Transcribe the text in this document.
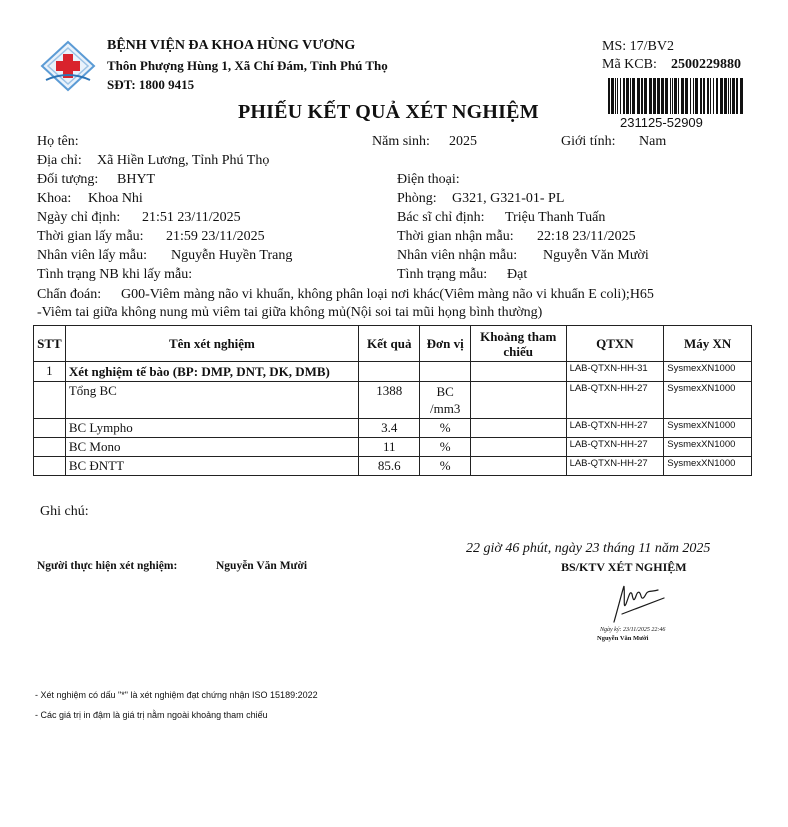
BỆNH VIỆN ĐA KHOA HÙNG VƯƠNG
Thôn Phượng Hùng 1, Xã Chí Đám, Tỉnh Phú Thọ
SĐT: 1800 9415
MS: 17/BV2
Mã KCB: 2500229880
231125-52909
PHIẾU KẾT QUẢ XÉT NGHIỆM
Họ tên:	Năm sinh: 2025	Giới tính: Nam
Địa chỉ: Xã Hiền Lương, Tỉnh Phú Thọ
Đối tượng: BHYT	Điện thoại:
Khoa: Khoa Nhi	Phòng: G321, G321-01- PL
Ngày chỉ định: 21:51 23/11/2025	Bác sĩ chỉ định: Triệu Thanh Tuấn
Thời gian lấy mẫu: 21:59 23/11/2025	Thời gian nhận mẫu: 22:18 23/11/2025
Nhân viên lấy mẫu: Nguyễn Huyền Trang	Nhân viên nhận mẫu: Nguyễn Văn Mười
Tình trạng NB khi lấy mẫu:	Tình trạng mẫu: Đạt
Chẩn đoán: G00-Viêm màng não vi khuẩn, không phân loại nơi khác(Viêm màng não vi khuẩn E coli);H65
-Viêm tai giữa không nung mủ viêm tai giữa không mủ(Nội soi tai mũi họng bình thường)
STT	Tên xét nghiệm	Kết quả	Đơn vị	Khoảng tham
chiếu	QTXN	Máy XN
1	Xét nghiệm tế bào (BP: DMP, DNT, DK, DMB)				LAB-QTXN-HH-31	SysmexXN1000
	Tổng BC	1388	BC
/mm3		LAB-QTXN-HH-27	SysmexXN1000
	BC Lympho	3.4	%		LAB-QTXN-HH-27	SysmexXN1000
	BC Mono	11	%		LAB-QTXN-HH-27	SysmexXN1000
	BC ĐNTT	85.6	%		LAB-QTXN-HH-27	SysmexXN1000
Ghi chú:
22 giờ 46 phút, ngày 23 tháng 11 năm 2025
Người thực hiện xét nghiệm:	Nguyễn Văn Mười	BS/KTV XÉT NGHIỆM
Ngày ký: 23/11/2025 22:46
Nguyễn Văn Mười
- Xét nghiệm có dấu "*" là xét nghiệm đạt chứng nhận ISO 15189:2022
- Các giá trị in đậm là giá trị nằm ngoài khoảng tham chiếu
